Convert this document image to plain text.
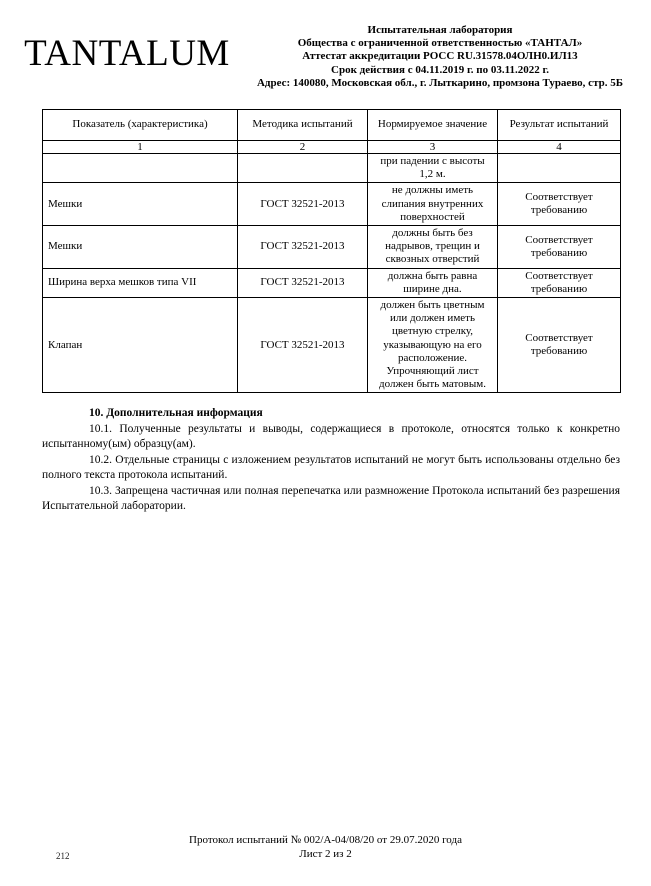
TANTALUM
Испытательная лаборатория
Общества с ограниченной ответственностью «ТАНТАЛ»
Аттестат аккредитации РОСС RU.31578.04ОЛН0.ИЛ13
Срок действия с 04.11.2019 г. по 03.11.2022 г.
Адрес: 140080, Московская обл., г. Лыткарино, промзона Тураево, стр. 5Б
Показатель (характеристика)	Методика испытаний	Нормируемое значение	Результат испытаний
1	2	3	4
		при падении с высоты 1,2 м.	
Мешки	ГОСТ 32521-2013	не должны иметь слипания внутренних поверхностей	Соответствует требованию
Мешки	ГОСТ 32521-2013	должны быть без надрывов, трещин и сквозных отверстий	Соответствует требованию
Ширина верха мешков типа VII	ГОСТ 32521-2013	должна быть равна ширине дна.	Соответствует требованию
Клапан	ГОСТ 32521-2013	должен быть цветным или должен иметь цветную стрелку, указывающую на его расположение. Упрочняющий лист должен быть матовым.	Соответствует требованию
10. Дополнительная информация

10.1. Полученные результаты и выводы, содержащиеся в протоколе, относятся только к конкретно испытанному(ым) образцу(ам).

10.2. Отдельные страницы с изложением результатов испытаний не могут быть использованы отдельно без полного текста протокола испытаний.

10.3. Запрещена частичная или полная перепечатка или размножение Протокола испытаний без разрешения Испытательной лаборатории.

Протокол испытаний № 002/А-04/08/20 от 29.07.2020 года
Лист 2 из 2
212
